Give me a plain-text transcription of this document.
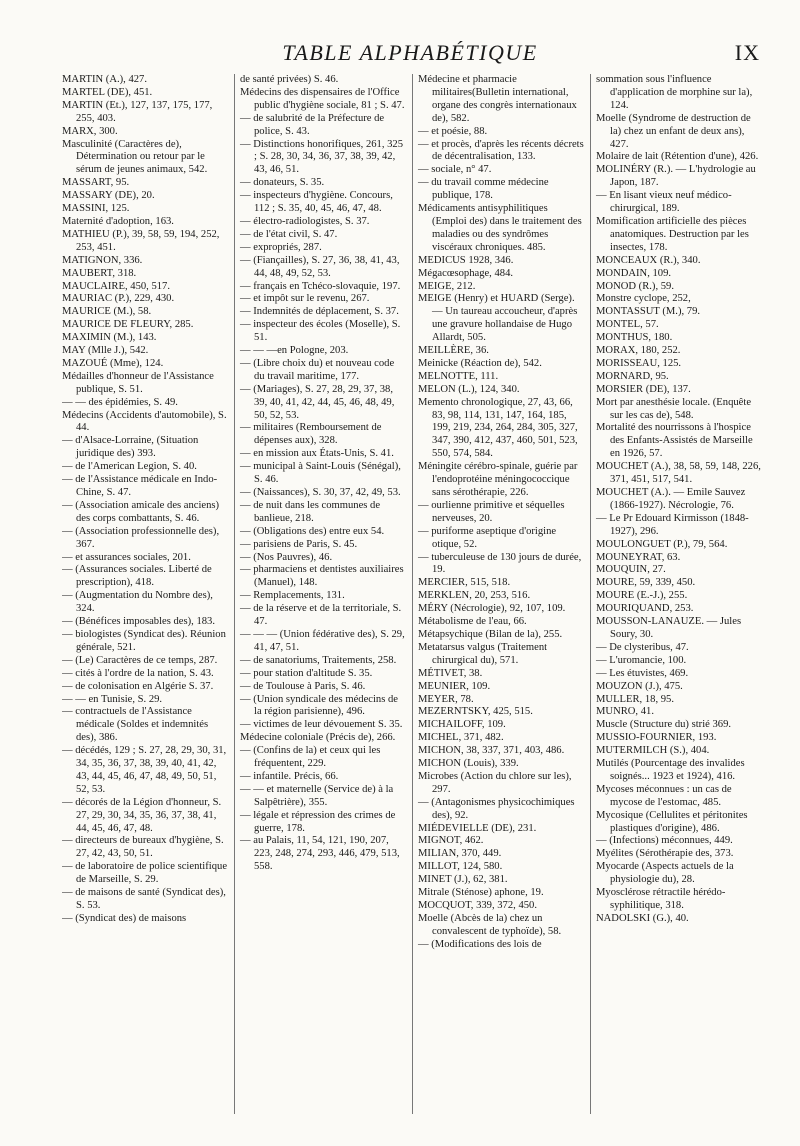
TABLE ALPHABÉTIQUE	IX

MARTIN (A.), 427.

MARTEL (DE), 451.

MARTIN (Et.), 127, 137, 175, 177, 255, 403.

MARX, 300.

Masculinité (Caractères de), Détermination ou retour par le sérum de jeunes animaux, 542.

MASSART, 95.

MASSARY (DE), 20.

MASSINI, 125.

Maternité d'adoption, 163.

MATHIEU (P.), 39, 58, 59, 194, 252, 253, 451.

MATIGNON, 336.

MAUBERT, 318.

MAUCLAIRE, 450, 517.

MAURIAC (P.), 229, 430.

MAURICE (M.), 58.

MAURICE DE FLEURY, 285.

MAXIMIN (M.), 143.

MAY (Mlle J.), 542.

MAZOUÉ (Mme), 124.

Médailles d'honneur de l'Assistance publique, S. 51.

— — des épidémies, S. 49.

Médecins (Accidents d'automobile), S. 44.

— d'Alsace-Lorraine, (Situation juridique des) 393.

— de l'American Legion, S. 40.

— de l'Assistance médicale en Indo-Chine, S. 47.

— (Association amicale des anciens) des corps combattants, S. 46.

— (Association professionnelle des), 367.

— et assurances sociales, 201.

— (Assurances sociales. Liberté de prescription), 418.

— (Augmentation du Nombre des), 324.

— (Bénéfices imposables des), 183.

— biologistes (Syndicat des). Réunion générale, 521.

— (Le) Caractères de ce temps, 287.

— cités à l'ordre de la nation, S. 43.

— de colonisation en Algérie S. 37.

— — en Tunisie, S. 29.

— contractuels de l'Assistance médicale (Soldes et indemnités des), 386.

— décédés, 129 ; S. 27, 28, 29, 30, 31, 34, 35, 36, 37, 38, 39, 40, 41, 42, 43, 44, 45, 46, 47, 48, 49, 50, 51, 52, 53.

— décorés de la Légion d'honneur, S. 27, 29, 30, 34, 35, 36, 37, 38, 41, 44, 45, 46, 47, 48.

— directeurs de bureaux d'hygiène, S. 27, 42, 43, 50, 51.

— de laboratoire de police scientifique de Marseille, S. 29.

— de maisons de santé (Syndicat des), S. 53.

— (Syndicat des) de maisons

de santé privées) S. 46.

Médecins des dispensaires de l'Office public d'hygiène sociale, 81 ; S. 47.

— de salubrité de la Préfecture de police, S. 43.

— Distinctions honorifiques, 261, 325 ; S. 28, 30, 34, 36, 37, 38, 39, 42, 43, 46, 51.

— donateurs, S. 35.

— inspecteurs d'hygiène. Concours, 112 ; S. 35, 40, 45, 46, 47, 48.

— électro-radiologistes, S. 37.

— de l'état civil, S. 47.

— expropriés, 287.

— (Fiançailles), S. 27, 36, 38, 41, 43, 44, 48, 49, 52, 53.

— français en Tchéco-slovaquie, 197.

— et impôt sur le revenu, 267.

— Indemnités de déplacement, S. 37.

— inspecteur des écoles (Moselle), S. 51.

— — —en Pologne, 203.

— (Libre choix du) et nouveau code du travail maritime, 177.

— (Mariages), S. 27, 28, 29, 37, 38, 39, 40, 41, 42, 44, 45, 46, 48, 49, 50, 52, 53.

— militaires (Remboursement de dépenses aux), 328.

— en mission aux États-Unis, S. 41.

— municipal à Saint-Louis (Sénégal), S. 46.

— (Naissances), S. 30, 37, 42, 49, 53.

— de nuit dans les communes de banlieue, 218.

— (Obligations des) entre eux 54.

— parisiens de Paris, S. 45.

— (Nos Pauvres), 46.

— pharmaciens et dentistes auxiliaires (Manuel), 148.

— Remplacements, 131.

— de la réserve et de la territoriale, S. 47.

— — — (Union fédérative des), S. 29, 41, 47, 51.

— de sanatoriums, Traitements, 258.

— pour station d'altitude S. 35.

— de Toulouse à Paris, S. 46.

— (Union syndicale des médecins de la région parisienne), 496.

— victimes de leur dévouement S. 35.

Médecine coloniale (Précis de), 266.

— (Confins de la) et ceux qui les fréquentent, 229.

— infantile. Précis, 66.

— — et maternelle (Service de) à la Salpêtrière), 355.

— légale et répression des crimes de guerre, 178.

— au Palais, 11, 54, 121, 190, 207, 223, 248, 274, 293, 446, 479, 513, 558.

Médecine et pharmacie militaires(Bulletin international, organe des congrès internationaux de), 582.

— et poésie, 88.

— et procès, d'après les récents décrets de décentralisation, 133.

— sociale, n° 47.

— du travail comme médecine publique, 178.

Médicaments antisyphilitiques (Emploi des) dans le traitement des maladies ou des syndrômes viscéraux chroniques. 485.

MEDICUS 1928, 346.

Mégacœsophage, 484.

MEIGE, 212.

MEIGE (Henry) et HUARD (Serge). — Un taureau accoucheur, d'après une gravure hollandaise de Hugo Allardt, 505.

MEILLÈRE, 36.

Meinicke (Réaction de), 542.

MELNOTTE, 111.

MELON (L.), 124, 340.

Memento chronologique, 27, 43, 66, 83, 98, 114, 131, 147, 164, 185, 199, 219, 234, 264, 284, 305, 327, 347, 390, 412, 437, 460, 501, 523, 550, 574, 584.

Méningite cérébro-spinale, guérie par l'endoprotéine méningococcique sans sérothérapie, 226.

— ourlienne primitive et séquelles nerveuses, 20.

— puriforme aseptique d'origine otique, 52.

— tuberculeuse de 130 jours de durée, 19.

MERCIER, 515, 518.

MERKLEN, 20, 253, 516.

MÉRY (Nécrologie), 92, 107, 109.

Métabolisme de l'eau, 66.

Métapsychique (Bilan de la), 255.

Metatarsus valgus (Traitement chirurgical du), 571.

MÉTIVET, 38.

MEUNIER, 109.

MEYER, 78.

MEZERNTSKY, 425, 515.

MICHAILOFF, 109.

MICHEL, 371, 482.

MICHON, 38, 337, 371, 403, 486.

MICHON (Louis), 339.

Microbes (Action du chlore sur les), 297.

— (Antagonismes physicochimiques des), 92.

MIÉDEVIELLE (DE), 231.

MIGNOT, 462.

MILIAN, 370, 449.

MILLOT, 124, 580.

MINET (J.), 62, 381.

Mitrale (Sténose) aphone, 19.

MOCQUOT, 339, 372, 450.

Moelle (Abcès de la) chez un convalescent de typhoïde), 58.

— (Modifications des lois de

sommation sous l'influence d'application de morphine sur la), 124.

Moelle (Syndrome de destruction de la) chez un enfant de deux ans), 427.

Molaire de lait (Rétention d'une), 426.

MOLINÉRY (R.). — L'hydrologie au Japon, 187.

— En lisant vieux neuf médico-chirurgical, 189.

Momification artificielle des pièces anatomiques. Destruction par les insectes, 178.

MONCEAUX (R.), 340.

MONDAIN, 109.

MONOD (R.), 59.

Monstre cyclope, 252,

MONTASSUT (M.), 79.

MONTEL, 57.

MONTHUS, 180.

MORAX, 180, 252.

MORISSEAU, 125.

MORNARD, 95.

MORSIER (DE), 137.

Mort par anesthésie locale. (Enquête sur les cas de), 548.

Mortalité des nourrissons à l'hospice des Enfants-Assistés de Marseille en 1926, 57.

MOUCHET (A.), 38, 58, 59, 148, 226, 371, 451, 517, 541.

MOUCHET (A.). — Emile Sauvez (1866-1927). Nécrologie, 76.

— Le Pr Edouard Kirmisson (1848-1927), 296.

MOULONGUET (P.), 79, 564.

MOUNEYRAT, 63.

MOUQUIN, 27.

MOURE, 59, 339, 450.

MOURE (E.-J.), 255.

MOURIQUAND, 253.

MOUSSON-LANAUZE. — Jules Soury, 30.

— De clysteribus, 47.

— L'uromancie, 100.

— Les étuvistes, 469.

MOUZON (J.), 475.

MULLER, 18, 95.

MUNRO, 41.

Muscle (Structure du) strié 369.

MUSSIO-FOURNIER, 193.

MUTERMILCH (S.), 404.

Mutilés (Pourcentage des invalides soignés... 1923 et 1924), 416.

Mycoses méconnues : un cas de mycose de l'estomac, 485.

Mycosique (Cellulites et péritonites plastiques d'origine), 486.

— (Infections) méconnues, 449.

Myélites (Sérothérapie des, 373.

Myocarde (Aspects actuels de la physiologie du), 28.

Myosclérose rétractile hérédo-syphilitique, 318.

NADOLSKI (G.), 40.
